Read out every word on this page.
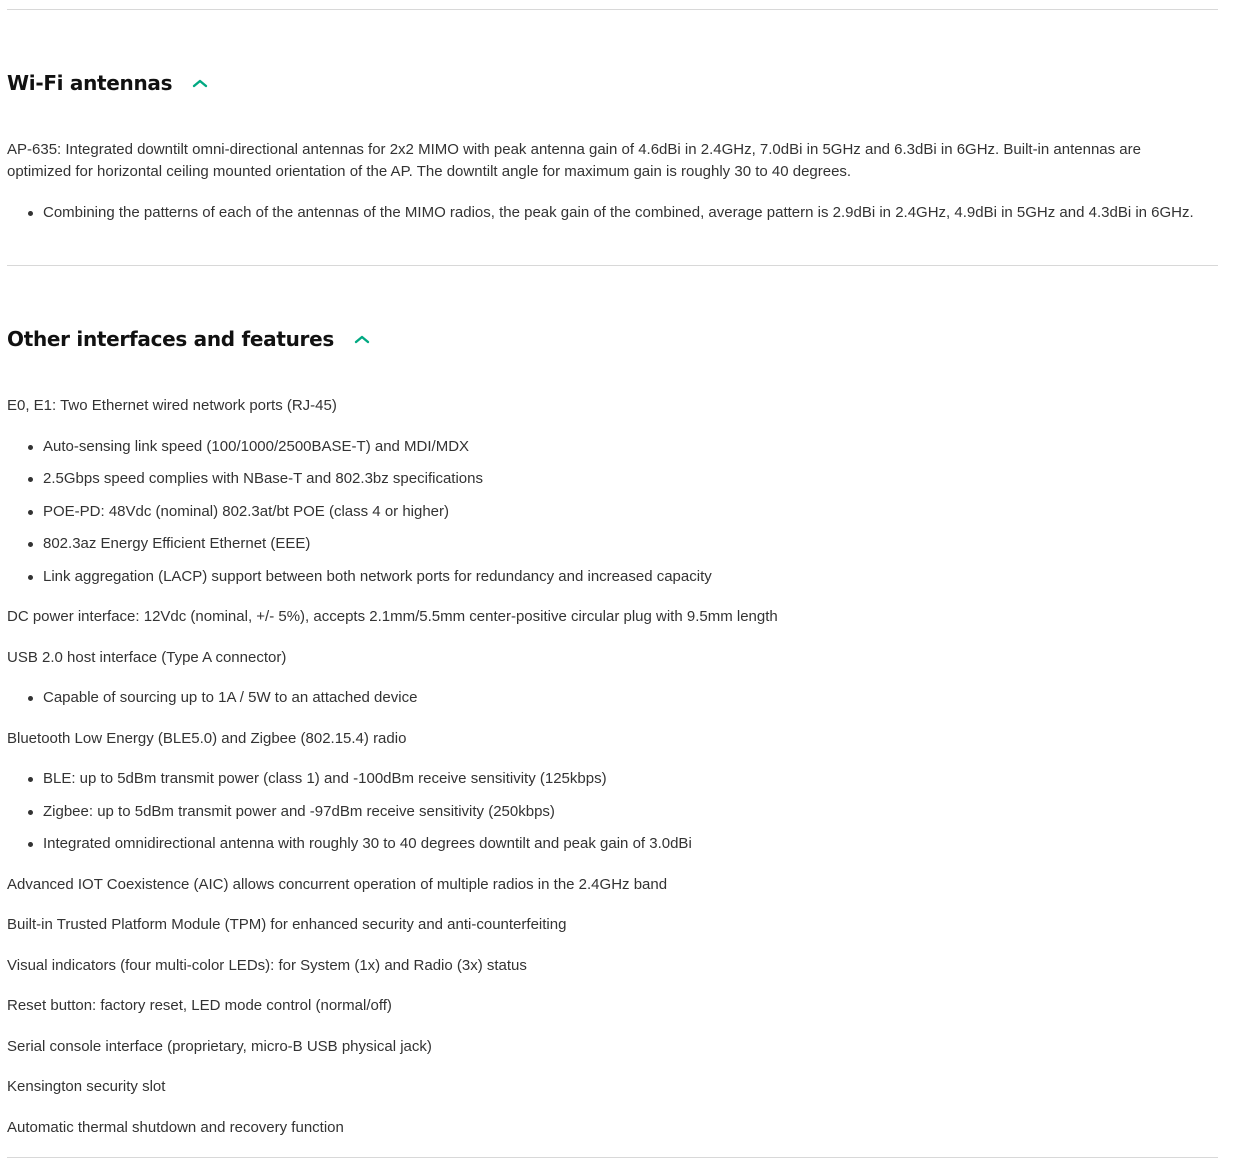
Wi-Fi antennas

AP-635: Integrated downtilt omni-directional antennas for 2x2 MIMO with peak antenna gain of 4.6dBi in 2.4GHz, 7.0dBi in 5GHz and 6.3dBi in 6GHz. Built-in antennas are optimized for horizontal ceiling mounted orientation of the AP. The downtilt angle for maximum gain is roughly 30 to 40 degrees.

Combining the patterns of each of the antennas of the MIMO radios, the peak gain of the combined, average pattern is 2.9dBi in 2.4GHz, 4.9dBi in 5GHz and 4.3dBi in 6GHz.
Other interfaces and features

E0, E1: Two Ethernet wired network ports (RJ-45)

Auto-sensing link speed (100/1000/2500BASE-T) and MDI/MDX
2.5Gbps speed complies with NBase-T and 802.3bz specifications
POE-PD: 48Vdc (nominal) 802.3at/bt POE (class 4 or higher)
802.3az Energy Efficient Ethernet (EEE)
Link aggregation (LACP) support between both network ports for redundancy and increased capacity

DC power interface: 12Vdc (nominal, +/- 5%), accepts 2.1mm/5.5mm center-positive circular plug with 9.5mm length

USB 2.0 host interface (Type A connector)

Capable of sourcing up to 1A / 5W to an attached device

Bluetooth Low Energy (BLE5.0) and Zigbee (802.15.4) radio

BLE: up to 5dBm transmit power (class 1) and -100dBm receive sensitivity (125kbps)
Zigbee: up to 5dBm transmit power and -97dBm receive sensitivity (250kbps)
Integrated omnidirectional antenna with roughly 30 to 40 degrees downtilt and peak gain of 3.0dBi

Advanced IOT Coexistence (AIC) allows concurrent operation of multiple radios in the 2.4GHz band

Built-in Trusted Platform Module (TPM) for enhanced security and anti-counterfeiting

Visual indicators (four multi-color LEDs): for System (1x) and Radio (3x) status

Reset button: factory reset, LED mode control (normal/off)

Serial console interface (proprietary, micro-B USB physical jack)

Kensington security slot

Automatic thermal shutdown and recovery function
